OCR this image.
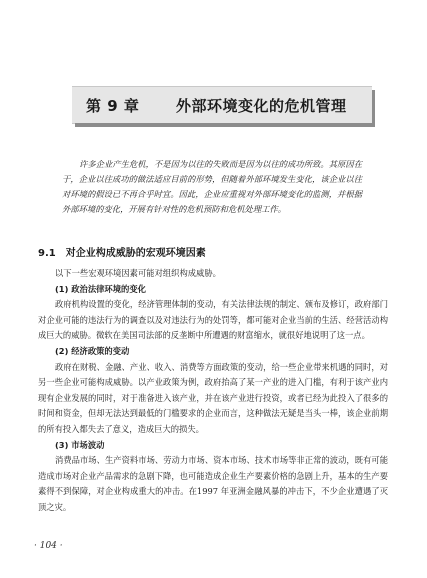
第 9 章 外部环境变化的危机管理

许多企业产生危机，不是因为以往的失败而是因为以往的成功所致。其原因在于，企业以往成功的做法适应目前的形势，但随着外部环境发生变化，该企业以往对环境的假设已不再合乎时宜。因此，企业应重视对外部环境变化的监测，并根据外部环境的变化，开展有针对性的危机预防和危机处理工作。

9.1 对企业构成威胁的宏观环境因素

以下一些宏观环境因素可能对组织构成威胁。

(1) 政治法律环境的变化

政府机构设置的变化，经济管理体制的变动，有关法律法规的制定、颁布及修订，政府部门对企业可能的违法行为的调查以及对违法行为的处罚等，都可能对企业当前的生活、经营活动构成巨大的威胁。微软在美国司法部的反垄断中所遭遇的财富缩水，就很好地说明了这一点。

(2) 经济政策的变动

政府在财税、金融、产业、收入、消费等方面政策的变动，给一些企业带来机遇的同时，对另一些企业可能构成威胁。以产业政策为例，政府抬高了某一产业的进入门槛，有利于该产业内现有企业发展的同时，对于准备进入该产业，并在该产业进行投资，或者已经为此投入了很多的时间和资金，但却无法达到最低的门槛要求的企业而言，这种做法无疑是当头一棒，该企业前期的所有投入都失去了意义，造成巨大的损失。

(3) 市场波动

消费品市场、生产资料市场、劳动力市场、资本市场、技术市场等非正常的波动，既有可能造成市场对企业产品需求的急剧下降，也可能造成企业生产要素价格的急剧上升，基本的生产要素得不到保障，对企业构成重大的冲击。在1997 年亚洲金融风暴的冲击下，不少企业遭遇了灭顶之灾。

· 104 ·
